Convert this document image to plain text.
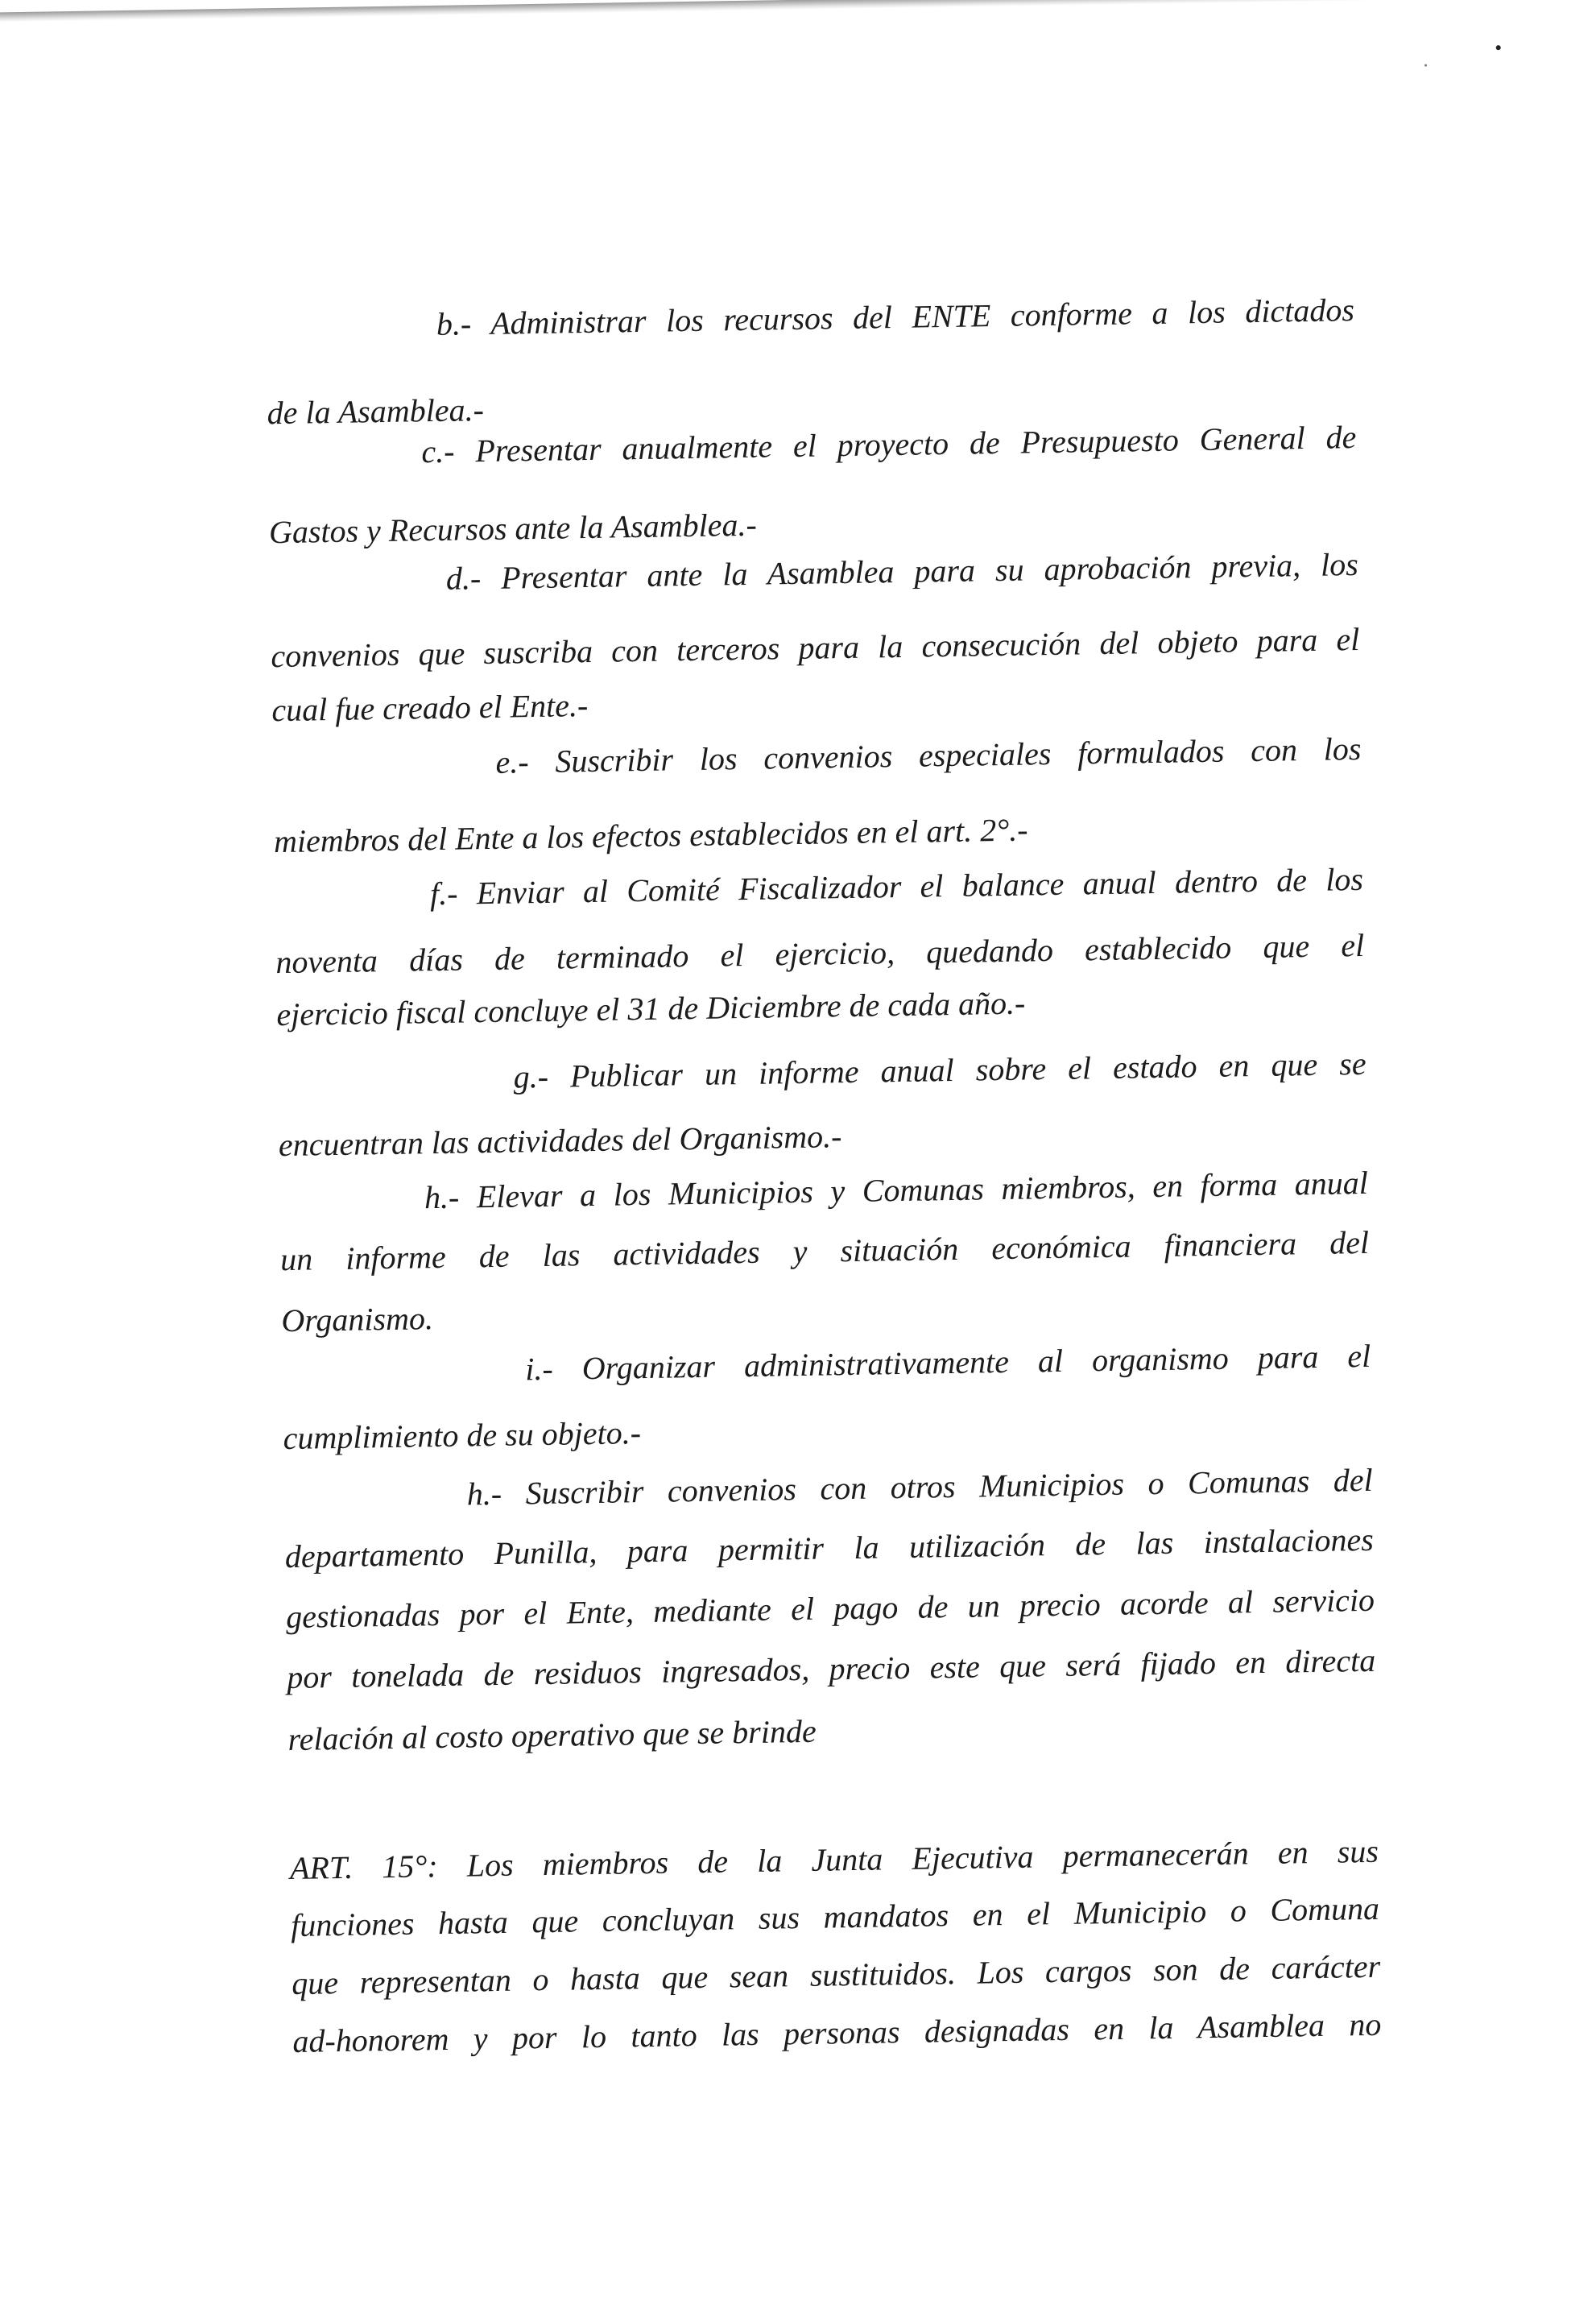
b.- Administrar los recursos del ENTE conforme a los dictados
de la Asamblea.-
c.- Presentar anualmente el proyecto de Presupuesto General de
Gastos y Recursos ante la Asamblea.-
d.- Presentar ante la Asamblea para su aprobación previa, los
convenios que suscriba con terceros para la consecución del objeto para el
cual fue creado el Ente.-
e.- Suscribir los convenios especiales formulados con los
miembros del Ente a los efectos establecidos en el art. 2°.-
f.- Enviar al Comité Fiscalizador el balance anual dentro de los
noventa días de terminado el ejercicio, quedando establecido que el
ejercicio fiscal concluye el 31 de Diciembre de cada año.-
g.- Publicar un informe anual sobre el estado en que se
encuentran las actividades del Organismo.-
h.- Elevar a los Municipios y Comunas miembros, en forma anual
un informe de las actividades y situación económica financiera del
Organismo.
i.- Organizar administrativamente al organismo para el
cumplimiento de su objeto.-
h.- Suscribir convenios con otros Municipios o Comunas del
departamento Punilla, para permitir la utilización de las instalaciones
gestionadas por el Ente, mediante el pago de un precio acorde al servicio
por tonelada de residuos ingresados, precio este que será fijado en directa
relación al costo operativo que se brinde
ART. 15°: Los miembros de la Junta Ejecutiva permanecerán en sus
funciones hasta que concluyan sus mandatos en el Municipio o Comuna
que representan o hasta que sean sustituidos. Los cargos son de carácter
ad-honorem y por lo tanto las personas designadas en la Asamblea no
